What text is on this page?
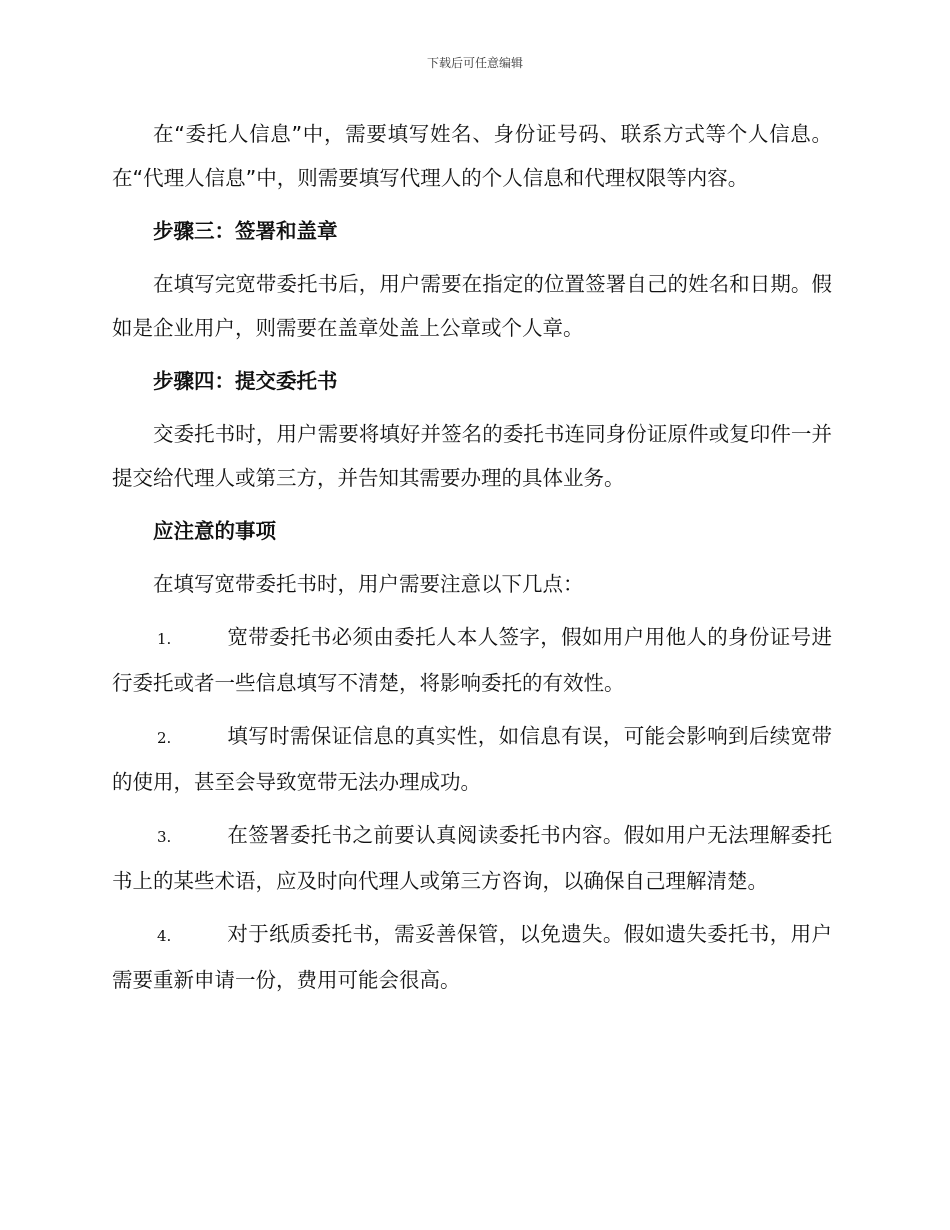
下载后可任意编辑

在“委托人信息”中，需要填写姓名、身份证号码、联系方式等个人信息。在“代理人信息”中，则需要填写代理人的个人信息和代理权限等内容。

步骤三：签署和盖章

在填写完宽带委托书后，用户需要在指定的位置签署自己的姓名和日期。假如是企业用户，则需要在盖章处盖上公章或个人章。

步骤四：提交委托书

交委托书时，用户需要将填好并签名的委托书连同身份证原件或复印件一并提交给代理人或第三方，并告知其需要办理的具体业务。

应注意的事项

在填写宽带委托书时，用户需要注意以下几点：

1.	宽带委托书必须由委托人本人签字，假如用户用他人的身份证号进行委托或者一些信息填写不清楚，将影响委托的有效性。

2.	填写时需保证信息的真实性，如信息有误，可能会影响到后续宽带的使用，甚至会导致宽带无法办理成功。

3.	在签署委托书之前要认真阅读委托书内容。假如用户无法理解委托书上的某些术语，应及时向代理人或第三方咨询，以确保自己理解清楚。

4.	对于纸质委托书，需妥善保管，以免遗失。假如遗失委托书，用户需要重新申请一份，费用可能会很高。
